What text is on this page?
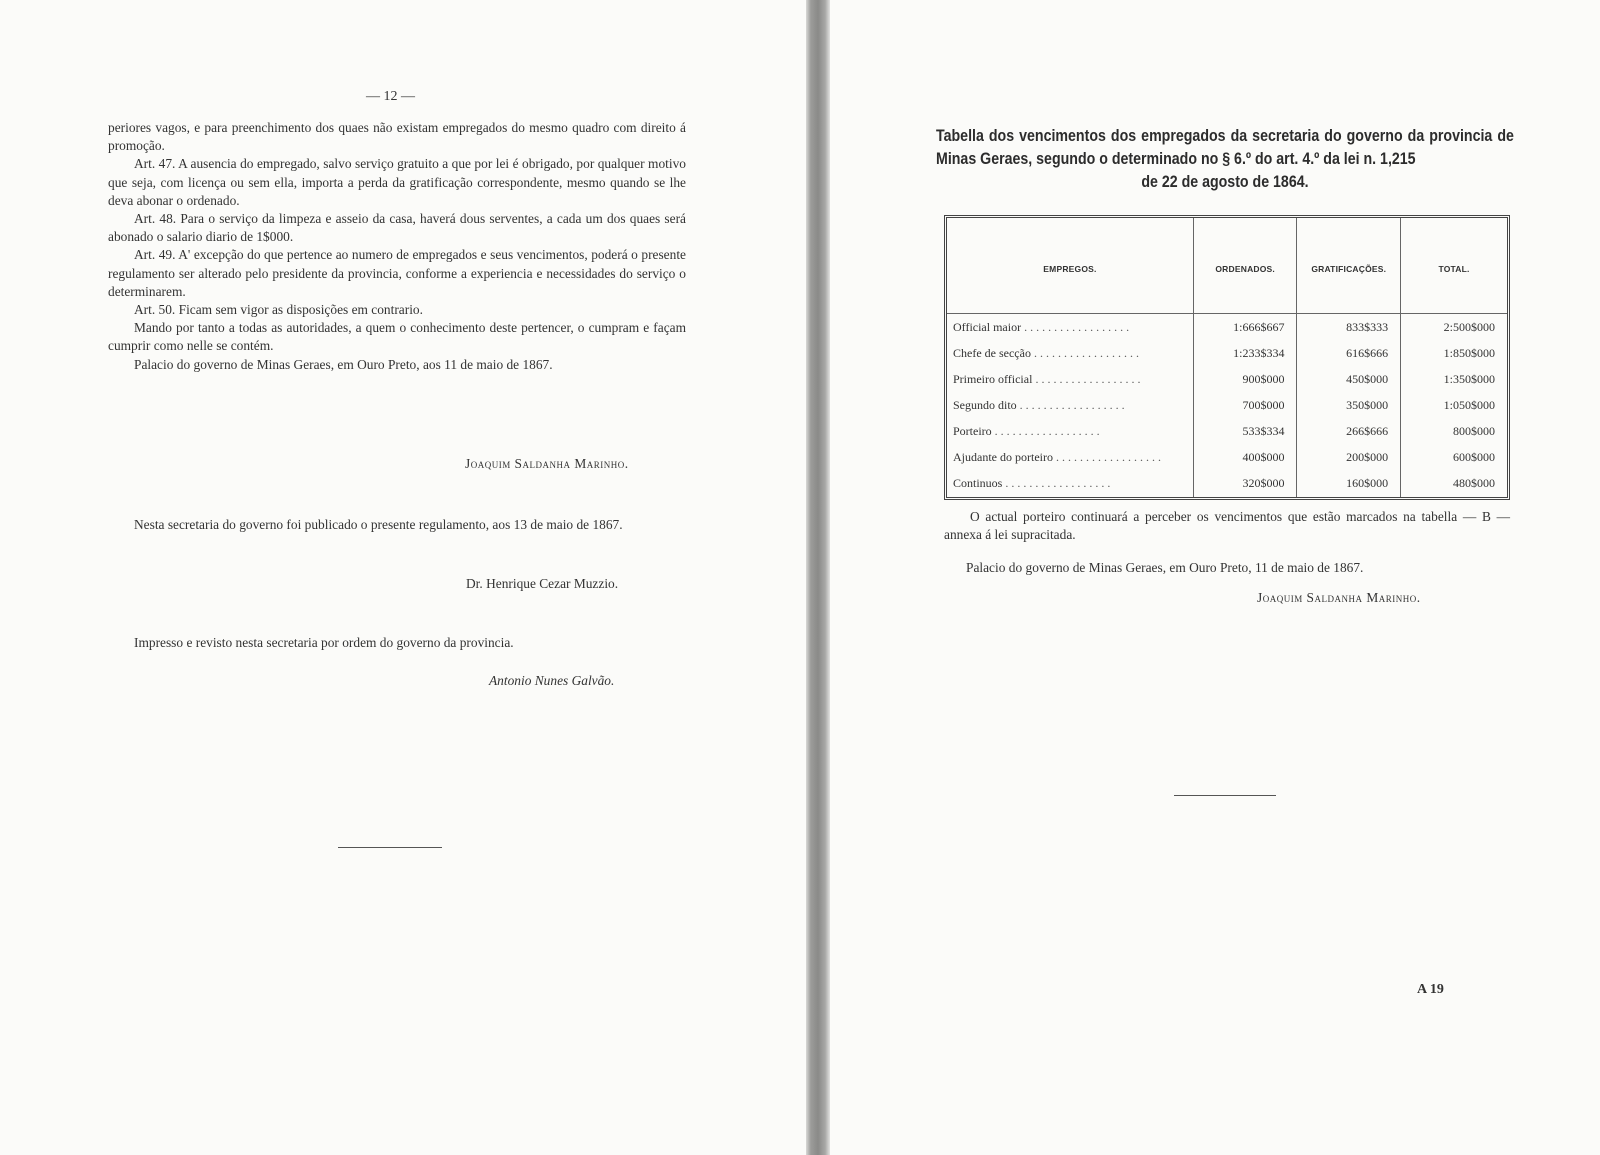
— 12 —

periores vagos, e para preenchimento dos quaes não existam empregados do mesmo quadro com direito á promoção.

Art. 47. A ausencia do empregado, salvo serviço gratuito a que por lei é obrigado, por qualquer motivo que seja, com licença ou sem ella, importa a perda da gratificação correspondente, mesmo quando se lhe deva abonar o ordenado.

Art. 48. Para o serviço da limpeza e asseio da casa, haverá dous serventes, a cada um dos quaes será abonado o salario diario de 1$000.

Art. 49. A' excepção do que pertence ao numero de empregados e seus vencimentos, poderá o presente regulamento ser alterado pelo presidente da provincia, conforme a experiencia e necessidades do serviço o determinarem.

Art. 50. Ficam sem vigor as disposições em contrario.

Mando por tanto a todas as autoridades, a quem o conhecimento deste pertencer, o cumpram e façam cumprir como nelle se contém.

Palacio do governo de Minas Geraes, em Ouro Preto, aos 11 de maio de 1867.

Joaquim Saldanha Marinho.

Nesta secretaria do governo foi publicado o presente regulamento, aos 13 de maio de 1867.

Dr. Henrique Cezar Muzzio.

Impresso e revisto nesta secretaria por ordem do governo da provincia.

Antonio Nunes Galvão.
Tabella dos vencimentos dos empregados da secretaria do governo da provincia de Minas Geraes, segundo o determinado no § 6.º do art. 4.º da lei n. 1,215
de 22 de agosto de 1864.
EMPREGOS.	ORDENADOS.	GRATIFICAÇÕES.	TOTAL.
Official maior . . .	1:666$667	833$333	2:500$000
Chefe de secção . . .	1:233$334	616$666	1:850$000
Primeiro official . . .	900$000	450$000	1:350$000
Segundo dito . . .	700$000	350$000	1:050$000
Porteiro . . .	533$334	266$666	800$000
Ajudante do porteiro . . .	400$000	200$000	600$000
Continuos . . .	320$000	160$000	480$000

O actual porteiro continuará a perceber os vencimentos que estão marcados na tabella — B — annexa á lei supracitada.

Palacio do governo de Minas Geraes, em Ouro Preto, 11 de maio de 1867.
Joaquim Saldanha Marinho.
A 19
